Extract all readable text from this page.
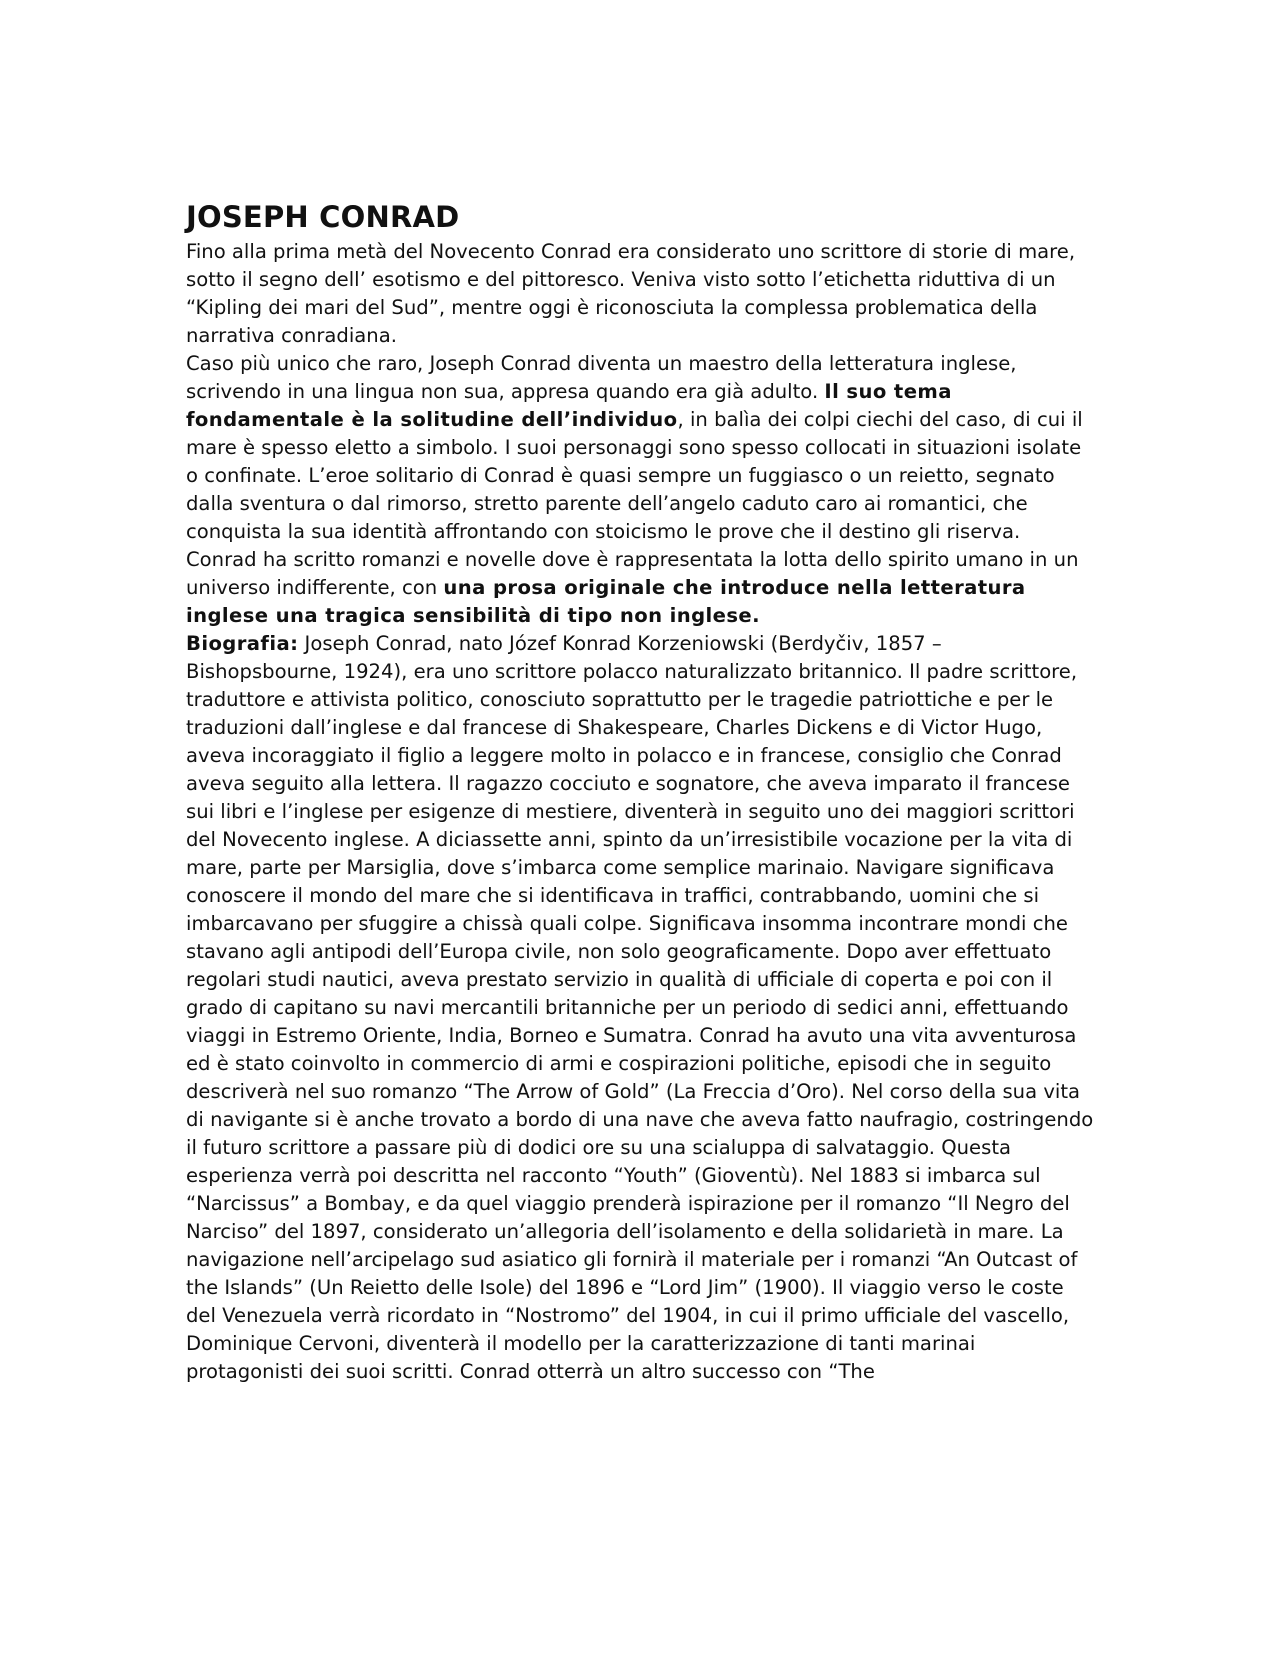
JOSEPH CONRAD

Fino alla prima metà del Novecento Conrad era considerato uno scrittore di storie di mare, sotto il segno dell’ esotismo e del pittoresco. Veniva visto sotto l’etichetta riduttiva di un “Kipling dei mari del Sud”, mentre oggi è riconosciuta la complessa problematica della narrativa conradiana.

Caso più unico che raro, Joseph Conrad diventa un maestro della letteratura inglese, scrivendo in una lingua non sua, appresa quando era già adulto. Il suo tema fondamentale è la solitudine dell’individuo, in balìa dei colpi ciechi del caso, di cui il mare è spesso eletto a simbolo. I suoi personaggi sono spesso collocati in situazioni isolate o confinate. L’eroe solitario di Conrad è quasi sempre un fuggiasco o un reietto, segnato dalla sventura o dal rimorso, stretto parente dell’angelo caduto caro ai romantici, che conquista la sua identità affrontando con stoicismo le prove che il destino gli riserva. Conrad ha scritto romanzi e novelle dove è rappresentata la lotta dello spirito umano in un universo indifferente, con una prosa originale che introduce nella letteratura inglese una tragica sensibilità di tipo non inglese.

Biografia: Joseph Conrad, nato Józef Konrad Korzeniowski (Berdyčiv, 1857 – Bishopsbourne, 1924), era uno scrittore polacco naturalizzato britannico. Il padre scrittore, traduttore e attivista politico, conosciuto soprattutto per le tragedie patriottiche e per le traduzioni dall’inglese e dal francese di Shakespeare, Charles Dickens e di Victor Hugo, aveva incoraggiato il figlio a leggere molto in polacco e in francese, consiglio che Conrad aveva seguito alla lettera. Il ragazzo cocciuto e sognatore, che aveva imparato il francese sui libri e l’inglese per esigenze di mestiere, diventerà in seguito uno dei maggiori scrittori del Novecento inglese. A diciassette anni, spinto da un’irresistibile vocazione per la vita di mare, parte per Marsiglia, dove s’imbarca come semplice marinaio. Navigare significava conoscere il mondo del mare che si identificava in traffici, contrabbando, uomini che si imbarcavano per sfuggire a chissà quali colpe. Significava insomma incontrare mondi che stavano agli antipodi dell’Europa civile, non solo geograficamente. Dopo aver effettuato regolari studi nautici, aveva prestato servizio in qualità di ufficiale di coperta e poi con il grado di capitano su navi mercantili britanniche per un periodo di sedici anni, effettuando viaggi in Estremo Oriente, India, Borneo e Sumatra. Conrad ha avuto una vita avventurosa ed è stato coinvolto in commercio di armi e cospirazioni politiche, episodi che in seguito descriverà nel suo romanzo “The Arrow of Gold” (La Freccia d’Oro). Nel corso della sua vita di navigante si è anche trovato a bordo di una nave che aveva fatto naufragio, costringendo il futuro scrittore a passare più di dodici ore su una scialuppa di salvataggio. Questa esperienza verrà poi descritta nel racconto “Youth” (Gioventù). Nel 1883 si imbarca sul “Narcissus” a Bombay, e da quel viaggio prenderà ispirazione per il romanzo “Il Negro del Narciso” del 1897, considerato un’allegoria dell’isolamento e della solidarietà in mare. La navigazione nell’arcipelago sud asiatico gli fornirà il materiale per i romanzi “An Outcast of the Islands” (Un Reietto delle Isole) del 1896 e “Lord Jim” (1900). Il viaggio verso le coste del Venezuela verrà ricordato in “Nostromo” del 1904, in cui il primo ufficiale del vascello, Dominique Cervoni, diventerà il modello per la caratterizzazione di tanti marinai protagonisti dei suoi scritti. Conrad otterrà un altro successo con “The
